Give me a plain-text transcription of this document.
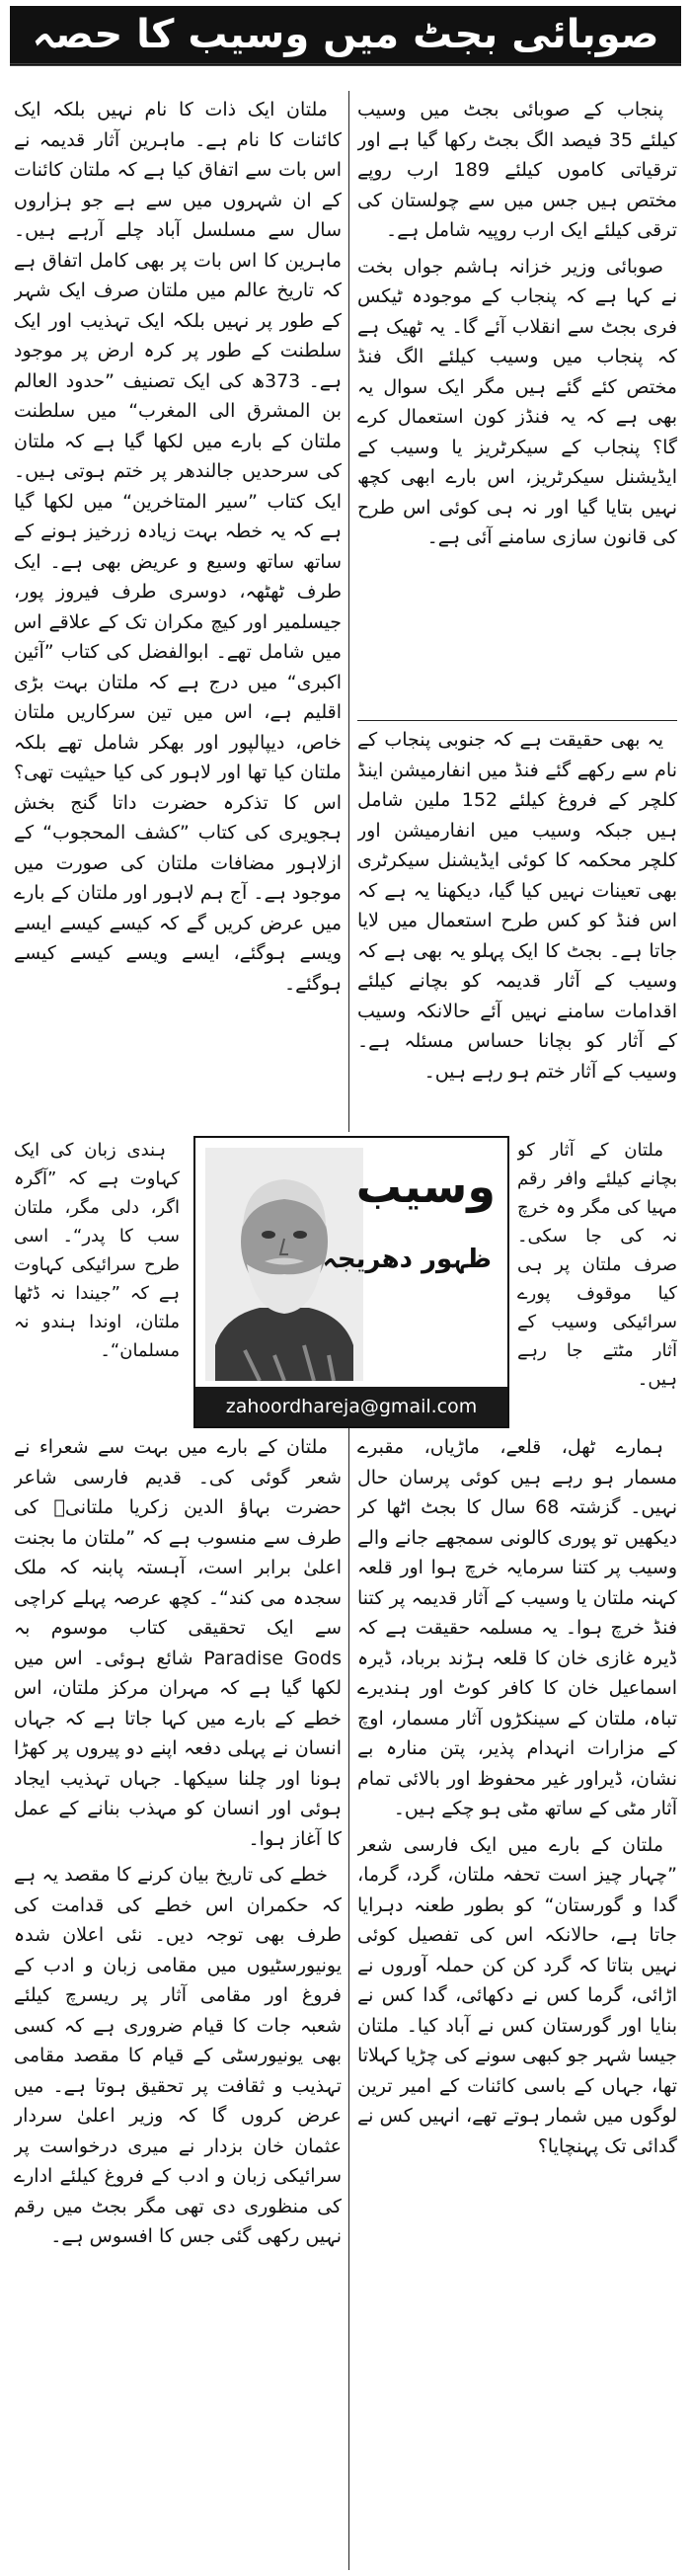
صوبائی بجٹ میں وسیب کا حصہ

پنجاب کے صوبائی بجٹ میں وسیب کیلئے 35 فیصد الگ بجٹ رکھا گیا ہے اور ترقیاتی کاموں کیلئے 189 ارب روپے مختص ہیں جس میں سے چولستان کی ترقی کیلئے ایک ارب روپیہ شامل ہے۔

صوبائی وزیر خزانہ ہاشم جواں بخت نے کہا ہے کہ پنجاب کے موجودہ ٹیکس فری بجٹ سے انقلاب آئے گا۔ یہ ٹھیک ہے کہ پنجاب میں وسیب کیلئے الگ فنڈ مختص کئے گئے ہیں مگر ایک سوال یہ بھی ہے کہ یہ فنڈز کون استعمال کرے گا؟ پنجاب کے سیکرٹریز یا وسیب کے ایڈیشنل سیکرٹریز، اس بارے ابھی کچھ نہیں بتایا گیا اور نہ ہی کوئی اس طرح کی قانون سازی سامنے آئی ہے۔

یہ بھی حقیقت ہے کہ جنوبی پنجاب کے نام سے رکھے گئے فنڈ میں انفارمیشن اینڈ کلچر کے فروغ کیلئے 152 ملین شامل ہیں جبکہ وسیب میں انفارمیشن اور کلچر محکمہ کا کوئی ایڈیشنل سیکرٹری بھی تعینات نہیں کیا گیا، دیکھنا یہ ہے کہ اس فنڈ کو کس طرح استعمال میں لایا جاتا ہے۔ بجٹ کا ایک پہلو یہ بھی ہے کہ وسیب کے آثار قدیمہ کو بچانے کیلئے اقدامات سامنے نہیں آئے حالانکہ وسیب کے آثار کو بچانا حساس مسئلہ ہے۔ وسیب کے آثار ختم ہو رہے ہیں۔

ملتان ایک ذات کا نام نہیں بلکہ ایک کائنات کا نام ہے۔ ماہرین آثار قدیمہ نے اس بات سے اتفاق کیا ہے کہ ملتان کائنات کے ان شہروں میں سے ہے جو ہزاروں سال سے مسلسل آباد چلے آرہے ہیں۔ ماہرین کا اس بات پر بھی کامل اتفاق ہے کہ تاریخ عالم میں ملتان صرف ایک شہر کے طور پر نہیں بلکہ ایک تہذیب اور ایک سلطنت کے طور پر کرہ ارض پر موجود ہے۔ 373ھ کی ایک تصنیف ”حدود العالم بن المشرق الی المغرب“ میں سلطنت ملتان کے بارے میں لکھا گیا ہے کہ ملتان کی سرحدیں جالندھر پر ختم ہوتی ہیں۔ ایک کتاب ”سیر المتاخرین“ میں لکھا گیا ہے کہ یہ خطہ بہت زیادہ زرخیز ہونے کے ساتھ ساتھ وسیع و عریض بھی ہے۔ ایک طرف ٹھٹھہ، دوسری طرف فیروز پور، جیسلمیر اور کیچ مکران تک کے علاقے اس میں شامل تھے۔ ابوالفضل کی کتاب ”آئین اکبری“ میں درج ہے کہ ملتان بہت بڑی اقلیم ہے، اس میں تین سرکاریں ملتان خاص، دیپالپور اور بھکر شامل تھے بلکہ ملتان کیا تھا اور لاہور کی کیا حیثیت تھی؟ اس کا تذکرہ حضرت داتا گنج بخش ہجویری کی کتاب ”کشف المحجوب“ کے ازلاہور مضافات ملتان کی صورت میں موجود ہے۔ آج ہم لاہور اور ملتان کے بارے میں عرض کریں گے کہ کیسے کیسے ایسے ویسے ہوگئے، ایسے ویسے کیسے کیسے ہوگئے۔

ملتان کے آثار کو بچانے کیلئے وافر رقم مہیا کی مگر وہ خرچ نہ کی جا سکی۔ صرف ملتان پر ہی کیا موقوف پورے سرائیکی وسیب کے آثار مٹتے جا رہے ہیں۔

ہندی زبان کی ایک کہاوت ہے کہ ”آگرہ اگر، دلی مگر، ملتان سب کا پدر“۔ اسی طرح سرائیکی کہاوت ہے کہ ”جیندا نہ ڈٹھا ملتان، اوندا ہندو نہ مسلمان“۔

وسیب
ظہور دھریجہ
zahoordhareja@gmail.com

ہمارے ٹھل، قلعے، ماڑیاں، مقبرے مسمار ہو رہے ہیں کوئی پرسان حال نہیں۔ گزشتہ 68 سال کا بجٹ اٹھا کر دیکھیں تو پوری کالونی سمجھے جانے والے وسیب پر کتنا سرمایہ خرچ ہوا اور قلعہ کہنہ ملتان یا وسیب کے آثار قدیمہ پر کتنا فنڈ خرچ ہوا۔ یہ مسلمہ حقیقت ہے کہ ڈیرہ غازی خان کا قلعہ ہڑند برباد، ڈیرہ اسماعیل خان کا کافر کوٹ اور ہندیرے تباہ، ملتان کے سینکڑوں آثار مسمار، اوچ کے مزارات انہدام پذیر، پتن منارہ بے نشان، ڈیراور غیر محفوظ اور بالائی تمام آثار مٹی کے ساتھ مٹی ہو چکے ہیں۔

ملتان کے بارے میں ایک فارسی شعر ”چہار چیز است تحفہ ملتان، گرد، گرما، گدا و گورستان“ کو بطور طعنہ دہرایا جاتا ہے، حالانکہ اس کی تفصیل کوئی نہیں بتاتا کہ گرد کن کن حملہ آوروں نے اڑائی، گرما کس نے دکھائی، گدا کس نے بنایا اور گورستان کس نے آباد کیا۔ ملتان جیسا شہر جو کبھی سونے کی چڑیا کہلاتا تھا، جہاں کے باسی کائنات کے امیر ترین لوگوں میں شمار ہوتے تھے، انہیں کس نے گدائی تک پہنچایا؟

ملتان کے بارے میں بہت سے شعراء نے شعر گوئی کی۔ قدیم فارسی شاعر حضرت بہاؤ الدین زکریا ملتانیؒ کی طرف سے منسوب ہے کہ ”ملتان ما بجنت اعلیٰ برابر است، آہستہ پابنہ کہ ملک سجدہ می کند“۔ کچھ عرصہ پہلے کراچی سے ایک تحقیقی کتاب موسوم بہ Paradise Gods شائع ہوئی۔ اس میں لکھا گیا ہے کہ مہران مرکز ملتان، اس خطے کے بارے میں کہا جاتا ہے کہ جہاں انسان نے پہلی دفعہ اپنے دو پیروں پر کھڑا ہونا اور چلنا سیکھا۔ جہاں تہذیب ایجاد ہوئی اور انسان کو مہذب بنانے کے عمل کا آغاز ہوا۔

خطے کی تاریخ بیان کرنے کا مقصد یہ ہے کہ حکمران اس خطے کی قدامت کی طرف بھی توجہ دیں۔ نئی اعلان شدہ یونیورسٹیوں میں مقامی زبان و ادب کے فروغ اور مقامی آثار پر ریسرچ کیلئے شعبہ جات کا قیام ضروری ہے کہ کسی بھی یونیورسٹی کے قیام کا مقصد مقامی تہذیب و ثقافت پر تحقیق ہوتا ہے۔ میں عرض کروں گا کہ وزیر اعلیٰ سردار عثمان خان بزدار نے میری درخواست پر سرائیکی زبان و ادب کے فروغ کیلئے ادارے کی منظوری دی تھی مگر بجٹ میں رقم نہیں رکھی گئی جس کا افسوس ہے۔
